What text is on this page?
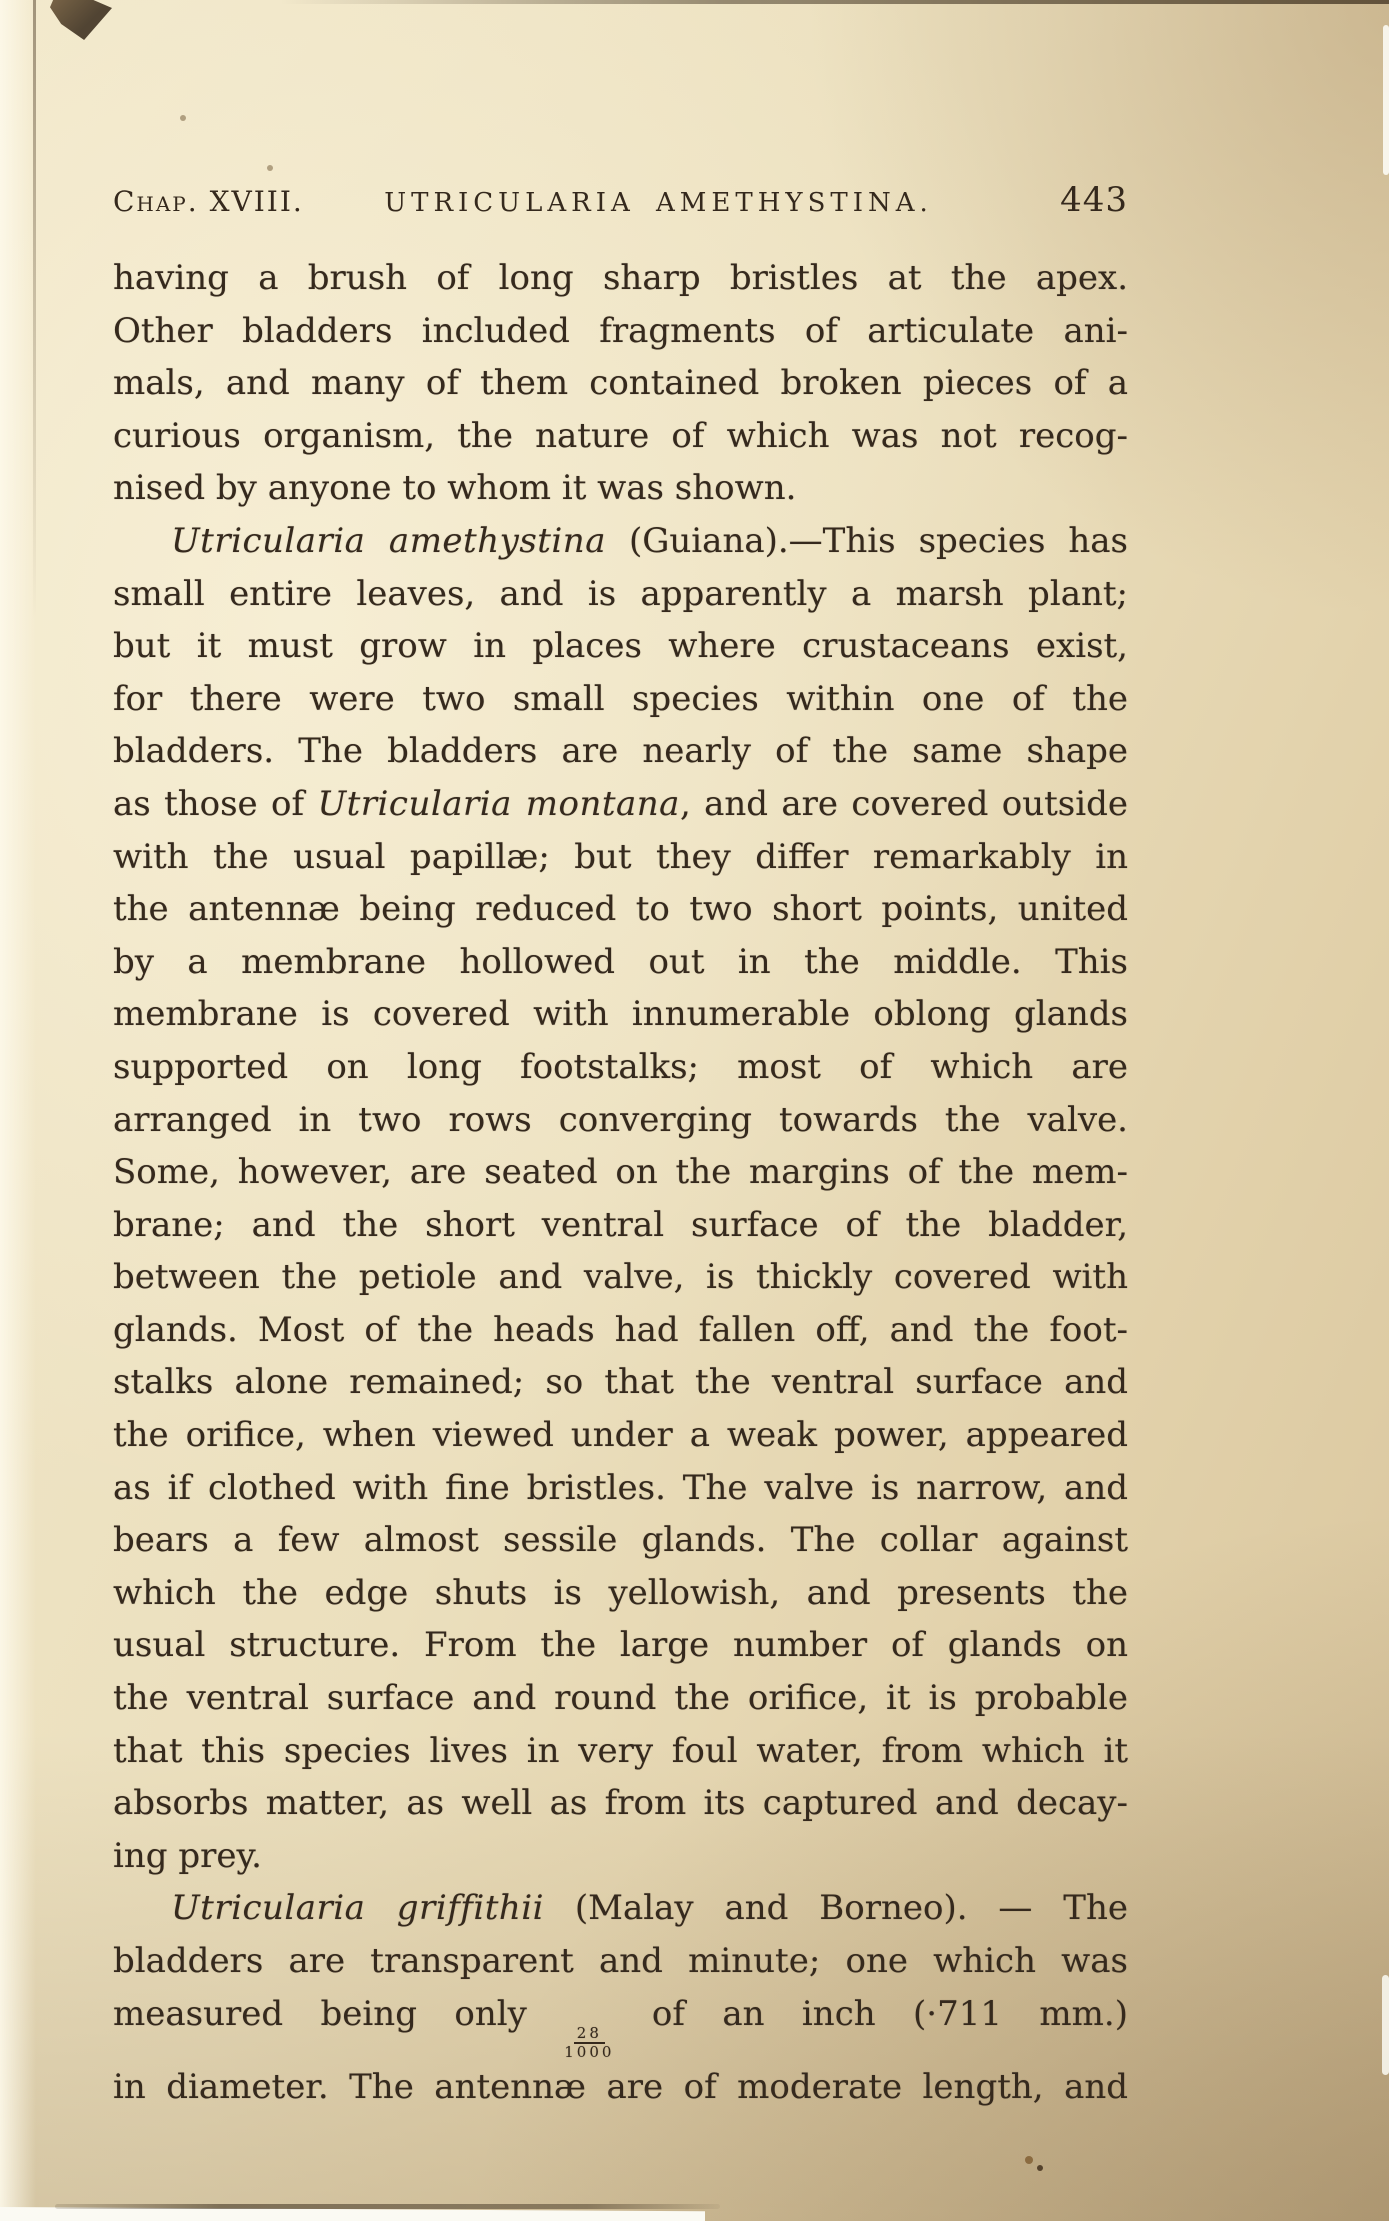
Chap. XVIII.	UTRICULARIA AMETHYSTINA.	443
having a brush of long sharp bristles at the apex.
Other bladders included fragments of articulate ani-
mals, and many of them contained broken pieces of a
curious organism, the nature of which was not recog-
nised by anyone to whom it was shown.
Utricularia amethystina (Guiana).—This species has
small entire leaves, and is apparently a marsh plant;
but it must grow in places where crustaceans exist,
for there were two small species within one of the
bladders. The bladders are nearly of the same shape
as those of Utricularia montana, and are covered outside
with the usual papillæ; but they differ remarkably in
the antennæ being reduced to two short points, united
by a membrane hollowed out in the middle. This
membrane is covered with innumerable oblong glands
supported on long footstalks; most of which are
arranged in two rows converging towards the valve.
Some, however, are seated on the margins of the mem-
brane; and the short ventral surface of the bladder,
between the petiole and valve, is thickly covered with
glands. Most of the heads had fallen off, and the foot-
stalks alone remained; so that the ventral surface and
the orifice, when viewed under a weak power, appeared
as if clothed with fine bristles. The valve is narrow, and
bears a few almost sessile glands. The collar against
which the edge shuts is yellowish, and presents the
usual structure. From the large number of glands on
the ventral surface and round the orifice, it is probable
that this species lives in very foul water, from which it
absorbs matter, as well as from its captured and decay-
ing prey.
Utricularia griffithii (Malay and Borneo). — The
bladders are transparent and minute; one which was
measured being only
$\frac{28}{1000}$
of an inch (·711 mm.)
in diameter. The antennæ are of moderate length, and
